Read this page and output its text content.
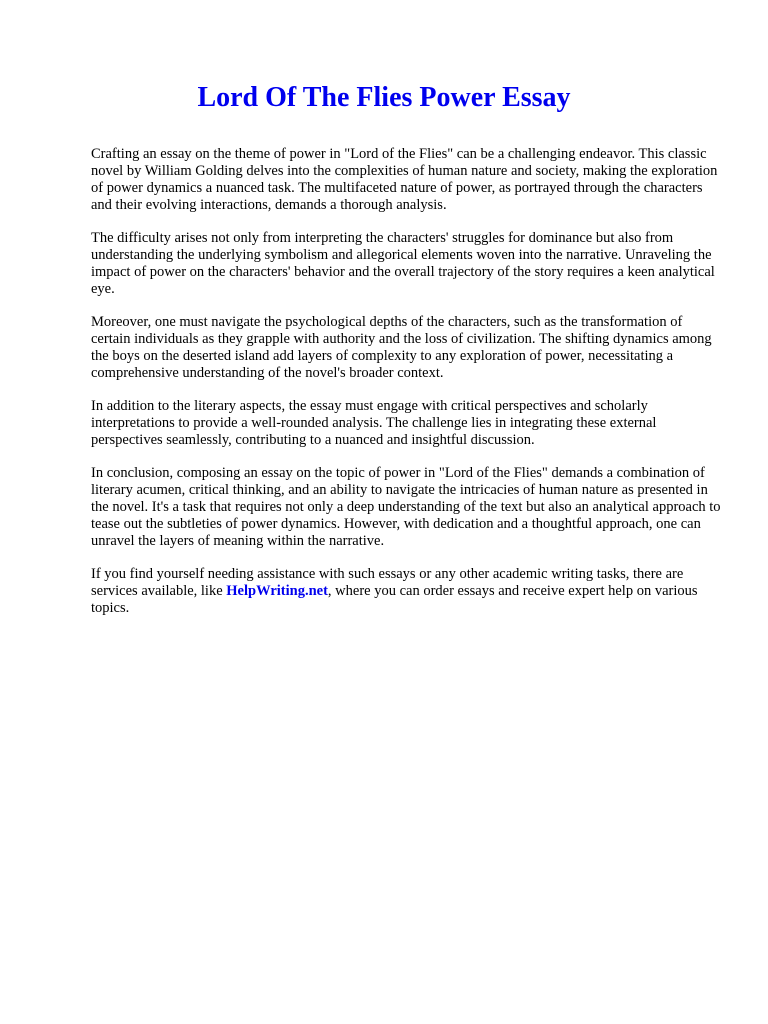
Lord Of The Flies Power Essay

Crafting an essay on the theme of power in "Lord of the Flies" can be a challenging endeavor. This classic novel by William Golding delves into the complexities of human nature and society, making the exploration of power dynamics a nuanced task. The multifaceted nature of power, as portrayed through the characters and their evolving interactions, demands a thorough analysis.

The difficulty arises not only from interpreting the characters' struggles for dominance but also from understanding the underlying symbolism and allegorical elements woven into the narrative. Unraveling the impact of power on the characters' behavior and the overall trajectory of the story requires a keen analytical eye.

Moreover, one must navigate the psychological depths of the characters, such as the transformation of certain individuals as they grapple with authority and the loss of civilization. The shifting dynamics among the boys on the deserted island add layers of complexity to any exploration of power, necessitating a comprehensive understanding of the novel's broader context.

In addition to the literary aspects, the essay must engage with critical perspectives and scholarly interpretations to provide a well-rounded analysis. The challenge lies in integrating these external perspectives seamlessly, contributing to a nuanced and insightful discussion.

In conclusion, composing an essay on the topic of power in "Lord of the Flies" demands a combination of literary acumen, critical thinking, and an ability to navigate the intricacies of human nature as presented in the novel. It's a task that requires not only a deep understanding of the text but also an analytical approach to tease out the subtleties of power dynamics. However, with dedication and a thoughtful approach, one can unravel the layers of meaning within the narrative.

If you find yourself needing assistance with such essays or any other academic writing tasks, there are services available, like HelpWriting.net, where you can order essays and receive expert help on various topics.
